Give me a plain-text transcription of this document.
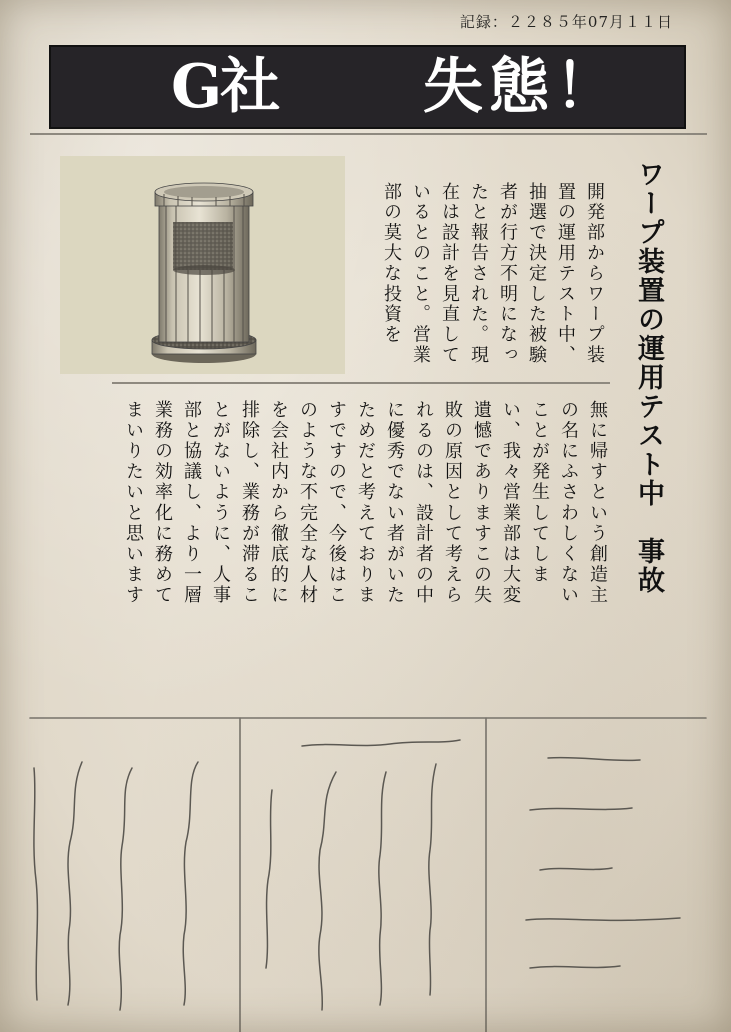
記録：２２８５年07月１１日
G社 失態！
ワープ装置の運用テスト中　事故
開発部からワープ装置の運用テスト中、抽選で決定した被験者が行方不明になったと報告された。現在は設計を見直しているとのこと。営業部の莫大な投資を
無に帰すという創造主の名にふさわしくないことが発生してしまい、我々営業部は大変遺憾でありますこの失敗の原因として考えられるのは、設計者の中に優秀でない者がいたためだと考えておりますですので、今後はこのような不完全な人材を会社内から徹底的に排除し、業務が滞ることがないように、人事部と協議し、より一層業務の効率化に務めてまいりたいと思います
